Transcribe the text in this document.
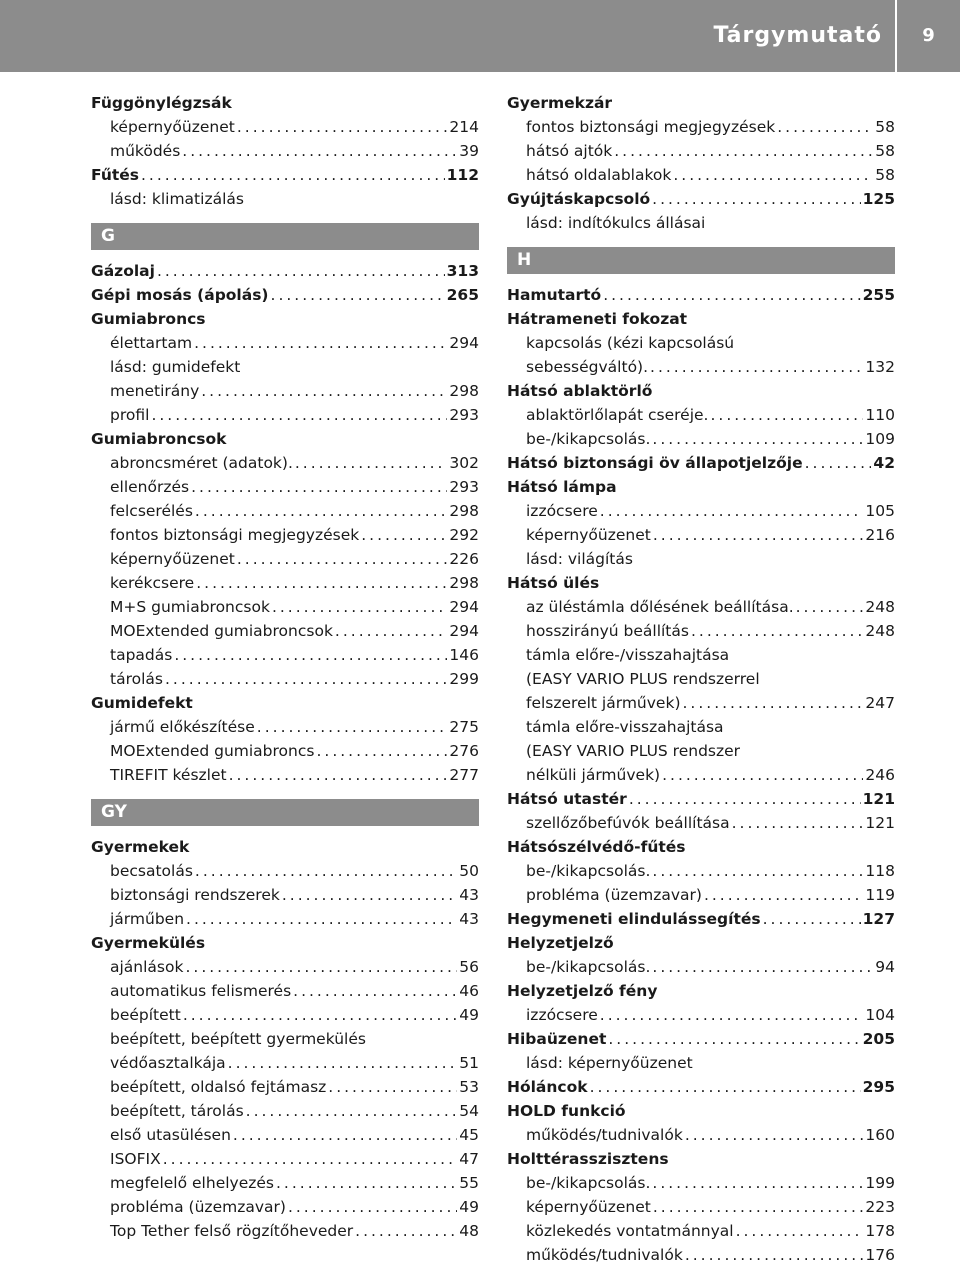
Tárgymutató	9
Függönylégzsák
képernyőüzenet .....	214
működés .....	39
Fűtés .....	112
lásd: klimatizálás
G
Gázolaj .....	313
Gépi mosás (ápolás) .....	265
Gumiabroncs
élettartam .....	294
lásd: gumidefekt
menetirány .....	298
profil .....	293
Gumiabroncsok
abroncsméret (adatok). .....	302
ellenőrzés .....	293
felcserélés .....	298
fontos biztonsági megjegyzések .....	292
képernyőüzenet .....	226
kerékcsere .....	298
M+S gumiabroncsok .....	294
MOExtended gumiabroncsok .....	294
tapadás .....	146
tárolás .....	299
Gumidefekt
jármű előkészítése .....	275
MOExtended gumiabroncs .....	276
TIREFIT készlet .....	277
GY
Gyermekek
becsatolás .....	50
biztonsági rendszerek .....	43
járműben .....	43
Gyermekülés
ajánlások .....	56
automatikus felismerés .....	46
beépített .....	49
beépített, beépített gyermekülés
védőasztalkája .....	51
beépített, oldalsó fejtámasz .....	53
beépített, tárolás .....	54
első utasülésen .....	45
ISOFIX .....	47
megfelelő elhelyezés .....	55
probléma (üzemzavar) .....	49
Top Tether felső rögzítőheveder .....	48
Gyermekzár
fontos biztonsági megjegyzések .....	58
hátsó ajtók .....	58
hátsó oldalablakok .....	58
Gyújtáskapcsoló .....	125
lásd: indítókulcs állásai
H
Hamutartó .....	255
Hátrameneti fokozat
kapcsolás (kézi kapcsolású
sebességváltó). .....	132
Hátsó ablaktörlő
ablaktörlőlapát cseréje. .....	110
be-/kikapcsolás. .....	109
Hátsó biztonsági öv állapotjelzője .....	42
Hátsó lámpa
izzócsere .....	105
képernyőüzenet .....	216
lásd: világítás
Hátsó ülés
az üléstámla dőlésének beállítása. .....	248
hosszirányú beállítás .....	248
támla előre-/visszahajtása
(EASY VARIO PLUS rendszerrel
felszerelt járművek) .....	247
támla előre-visszahajtása
(EASY VARIO PLUS rendszer
nélküli járművek) .....	246
Hátsó utastér .....	121
szellőzőbefúvók beállítása .....	121
Hátsószélvédő-fűtés
be-/kikapcsolás. .....	118
probléma (üzemzavar) .....	119
Hegymeneti elindulássegítés .....	127
Helyzetjelző
be-/kikapcsolás. .....	94
Helyzetjelző fény
izzócsere .....	104
Hibaüzenet .....	205
lásd: képernyőüzenet
Hóláncok .....	295
HOLD funkció
működés/tudnivalók .....	160
Holttérasszisztens
be-/kikapcsolás. .....	199
képernyőüzenet .....	223
közlekedés vontatmánnyal .....	178
működés/tudnivalók .....	176
